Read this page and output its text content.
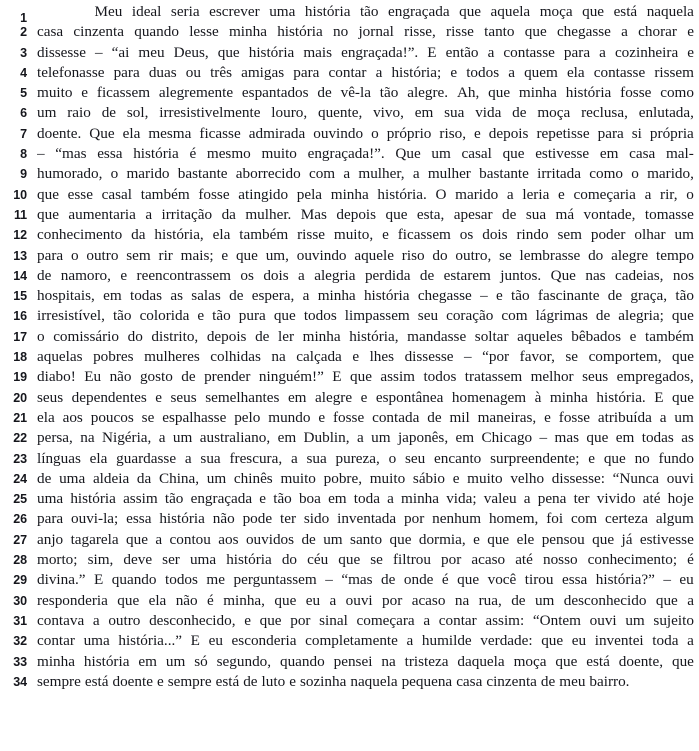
1	Meu ideal seria escrever uma história tão engraçada que aquela moça que está naquela
2 casa cinzenta quando lesse minha história no jornal risse, risse tanto que chegasse a chorar e
3 dissesse – “ai meu Deus, que história mais engraçada!”. E então a contasse para a cozinheira e
4 telefonasse para duas ou três amigas para contar a história; e todos a quem ela contasse rissem
5 muito e ficassem alegremente espantados de vê-la tão alegre. Ah, que minha história fosse como
6 um raio de sol, irresistivelmente louro, quente, vivo, em sua vida de moça reclusa, enlutada,
7 doente. Que ela mesma ficasse admirada ouvindo o próprio riso, e depois repetisse para si própria
8 – “mas essa história é mesmo muito engraçada!”. Que um casal que estivesse em casa mal-
9 humorado, o marido bastante aborrecido com a mulher, a mulher bastante irritada como o marido,
10 que esse casal também fosse atingido pela minha história. O marido a leria e começaria a rir, o
11 que aumentaria a irritação da mulher. Mas depois que esta, apesar de sua má vontade, tomasse
12 conhecimento da história, ela também risse muito, e ficassem os dois rindo sem poder olhar um
13 para o outro sem rir mais; e que um, ouvindo aquele riso do outro, se lembrasse do alegre tempo
14 de namoro, e reencontrassem os dois a alegria perdida de estarem juntos. Que nas cadeias, nos
15 hospitais, em todas as salas de espera, a minha história chegasse – e tão fascinante de graça, tão
16 irresistível, tão colorida e tão pura que todos limpassem seu coração com lágrimas de alegria; que
17 o comissário do distrito, depois de ler minha história, mandasse soltar aqueles bêbados e também
18 aquelas pobres mulheres colhidas na calçada e lhes dissesse – “por favor, se comportem, que
19 diabo! Eu não gosto de prender ninguém!” E que assim todos tratassem melhor seus empregados,
20 seus dependentes e seus semelhantes em alegre e espontânea homenagem à minha história. E que
21 ela aos poucos se espalhasse pelo mundo e fosse contada de mil maneiras, e fosse atribuída a um
22 persa, na Nigéria, a um australiano, em Dublin, a um japonês, em Chicago – mas que em todas as
23 línguas ela guardasse a sua frescura, a sua pureza, o seu encanto surpreendente; e que no fundo
24 de uma aldeia da China, um chinês muito pobre, muito sábio e muito velho dissesse: “Nunca ouvi
25 uma história assim tão engraçada e tão boa em toda a minha vida; valeu a pena ter vivido até hoje
26 para ouvi-la; essa história não pode ter sido inventada por nenhum homem, foi com certeza algum
27 anjo tagarela que a contou aos ouvidos de um santo que dormia, e que ele pensou que já estivesse
28 morto; sim, deve ser uma história do céu que se filtrou por acaso até nosso conhecimento; é
29 divina.” E quando todos me perguntassem – “mas de onde é que você tirou essa história?” – eu
30 responderia que ela não é minha, que eu a ouvi por acaso na rua, de um desconhecido que a
31 contava a outro desconhecido, e que por sinal começara a contar assim: “Ontem ouvi um sujeito
32 contar uma história...” E eu esconderia completamente a humilde verdade: que eu inventei toda a
33 minha história em um só segundo, quando pensei na tristeza daquela moça que está doente, que
34 sempre está doente e sempre está de luto e sozinha naquela pequena casa cinzenta de meu bairro.
